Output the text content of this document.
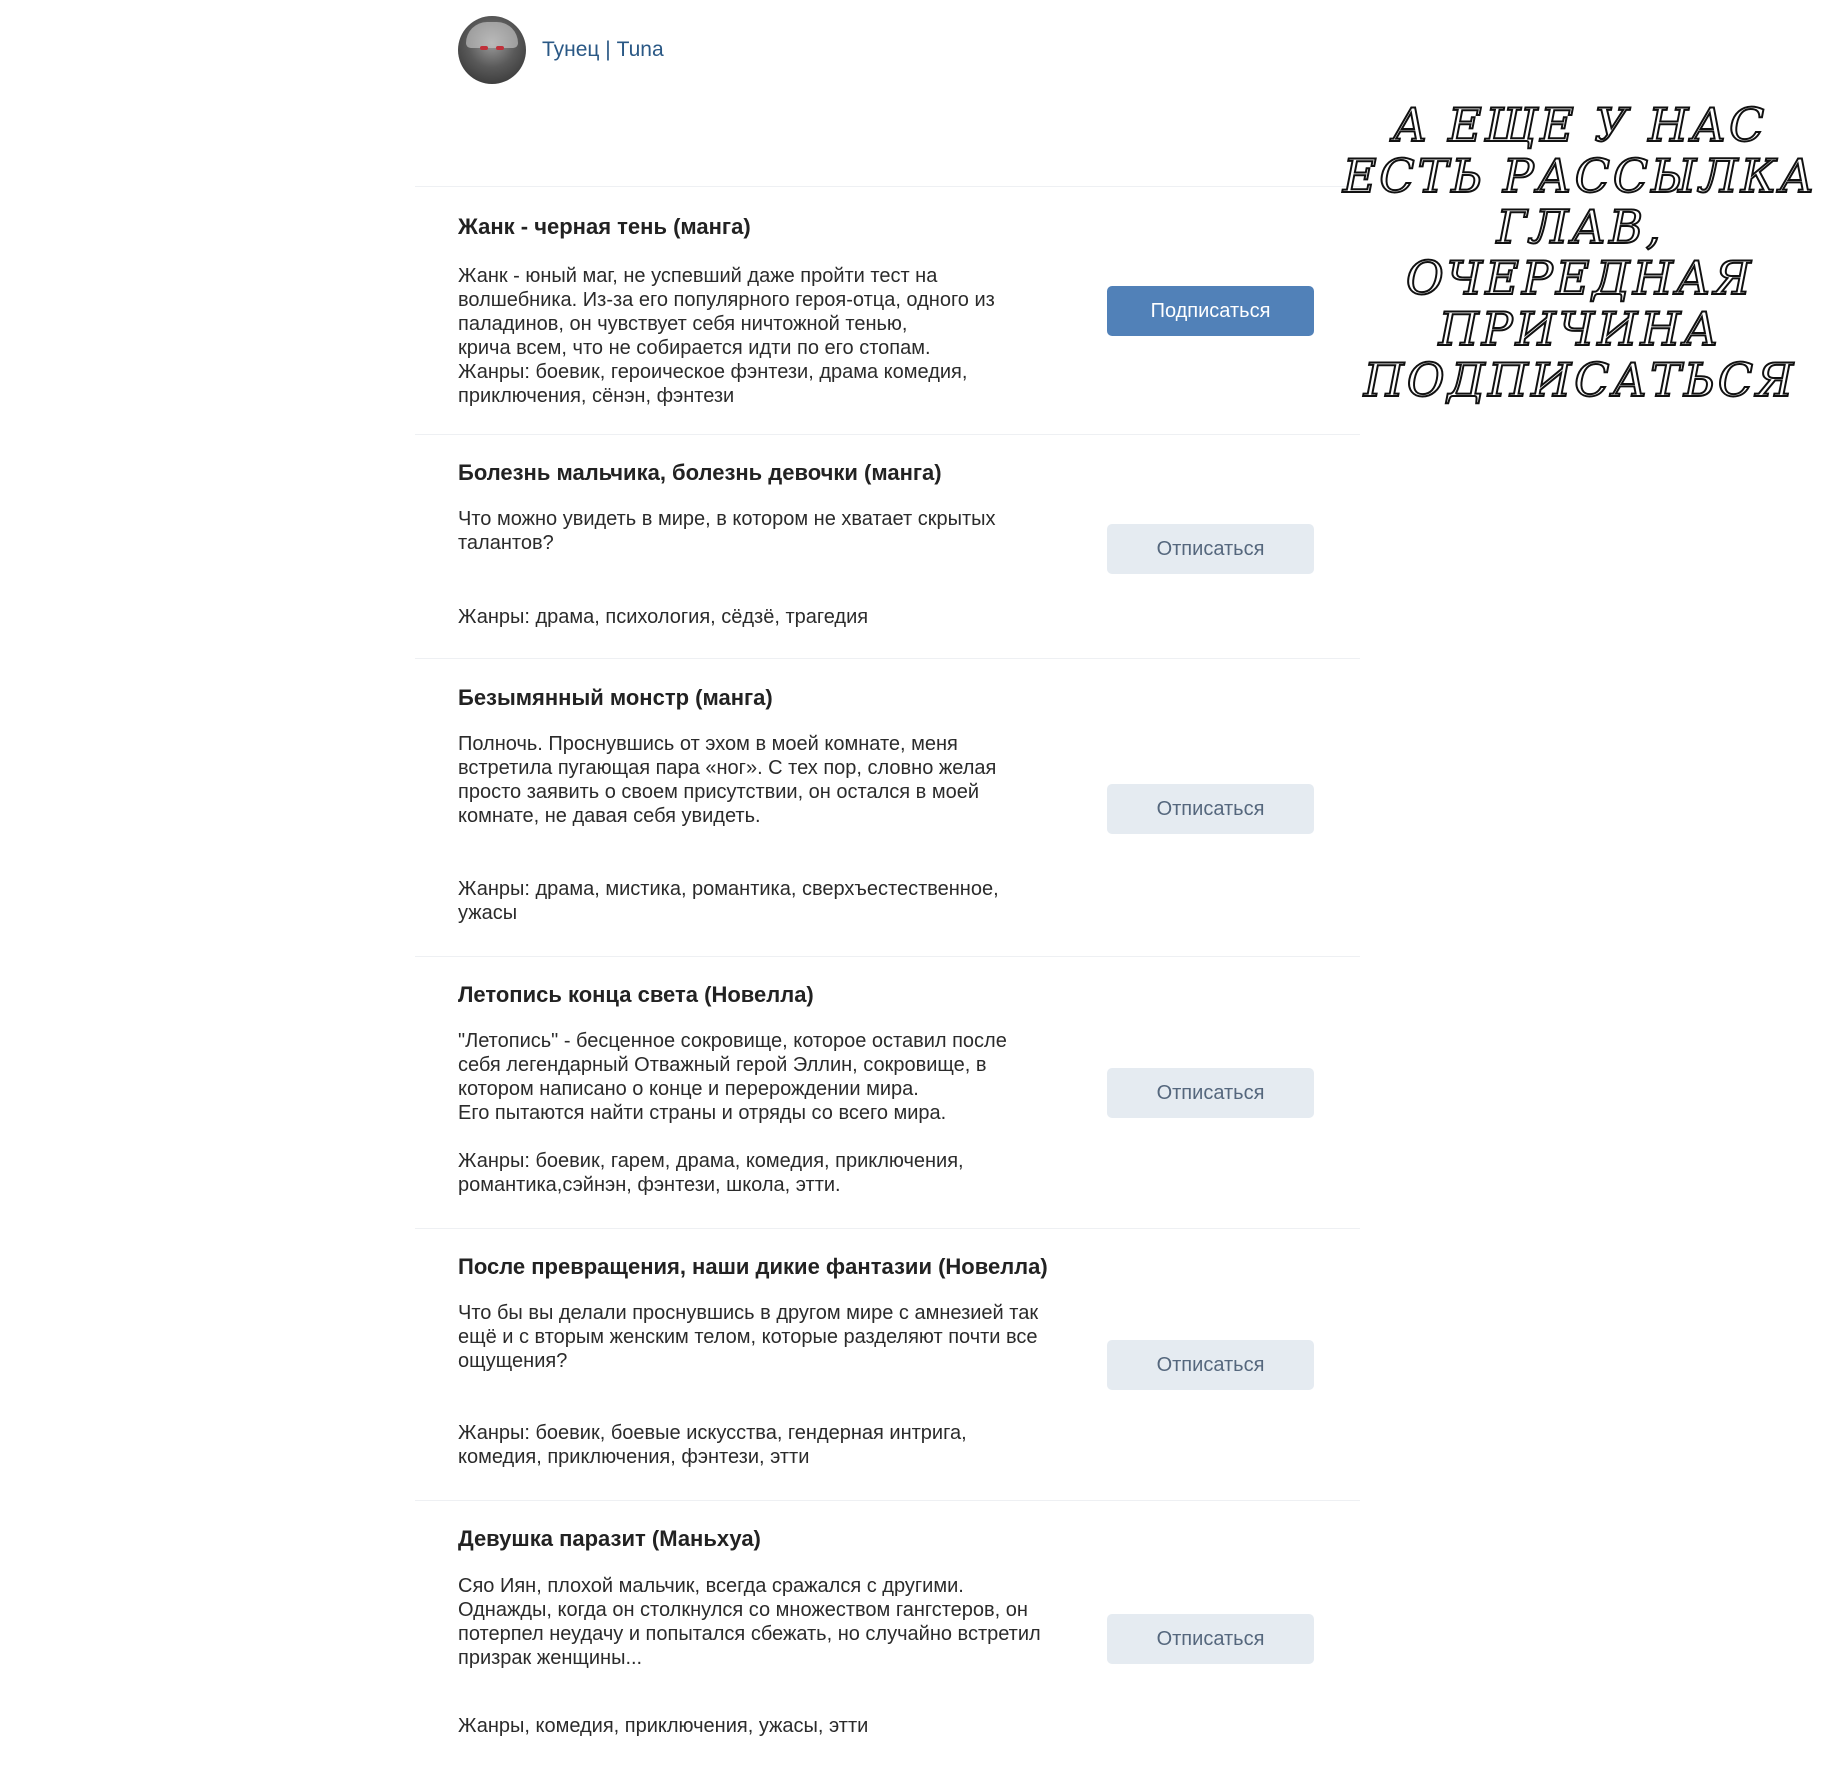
Тунец | Tuna
Жанк - черная тень (манга)
Жанк - юный маг, не успевший даже пройти тест на
волшебника. Из-за его популярного героя-отца, одного из
паладинов, он чувствует себя ничтожной тенью,
крича всем, что не собирается идти по его стопам.
Жанры: боевик, героическое фэнтези, драма комедия,
приключения, сёнэн, фэнтези
Подписаться
Болезнь мальчика, болезнь девочки (манга)
Что можно увидеть в мире, в котором не хватает скрытых
талантов?
Жанры: драма, психология, сёдзё, трагедия
Отписаться
Безымянный монстр (манга)
Полночь. Проснувшись от эхом в моей комнате, меня
встретила пугающая пара «ног». С тех пор, словно желая
просто заявить о своем присутствии, он остался в моей
комнате, не давая себя увидеть.
Жанры: драма, мистика, романтика, сверхъестественное,
ужасы
Отписаться
Летопись конца света (Новелла)
"Летопись" - бесценное сокровище, которое оставил после
себя легендарный Отважный герой Эллин, сокровище, в
котором написано о конце и перерождении мира.
Его пытаются найти страны и отряды со всего мира.
Жанры: боевик, гарем, драма, комедия, приключения,
романтика,сэйнэн, фэнтези, школа, этти.
Отписаться
После превращения, наши дикие фантазии (Новелла)
Что бы вы делали проснувшись в другом мире с амнезией так
ещё и с вторым женским телом, которые разделяют почти все
ощущения?
Жанры: боевик, боевые искусства, гендерная интрига,
комедия, приключения, фэнтези, этти
Отписаться
Девушка паразит (Маньхуа)
Сяо Иян, плохой мальчик, всегда сражался с другими.
Однажды, когда он столкнулся со множеством гангстеров, он
потерпел неудачу и попытался сбежать, но случайно встретил
призрак женщины...
Жанры, комедия, приключения, ужасы, этти
Отписаться
А ЕЩЕ У НАС ЕСТЬ РАССЫЛКА ГЛАВ, ОЧЕРЕДНАЯ ПРИЧИНА ПОДПИСАТЬСЯ
